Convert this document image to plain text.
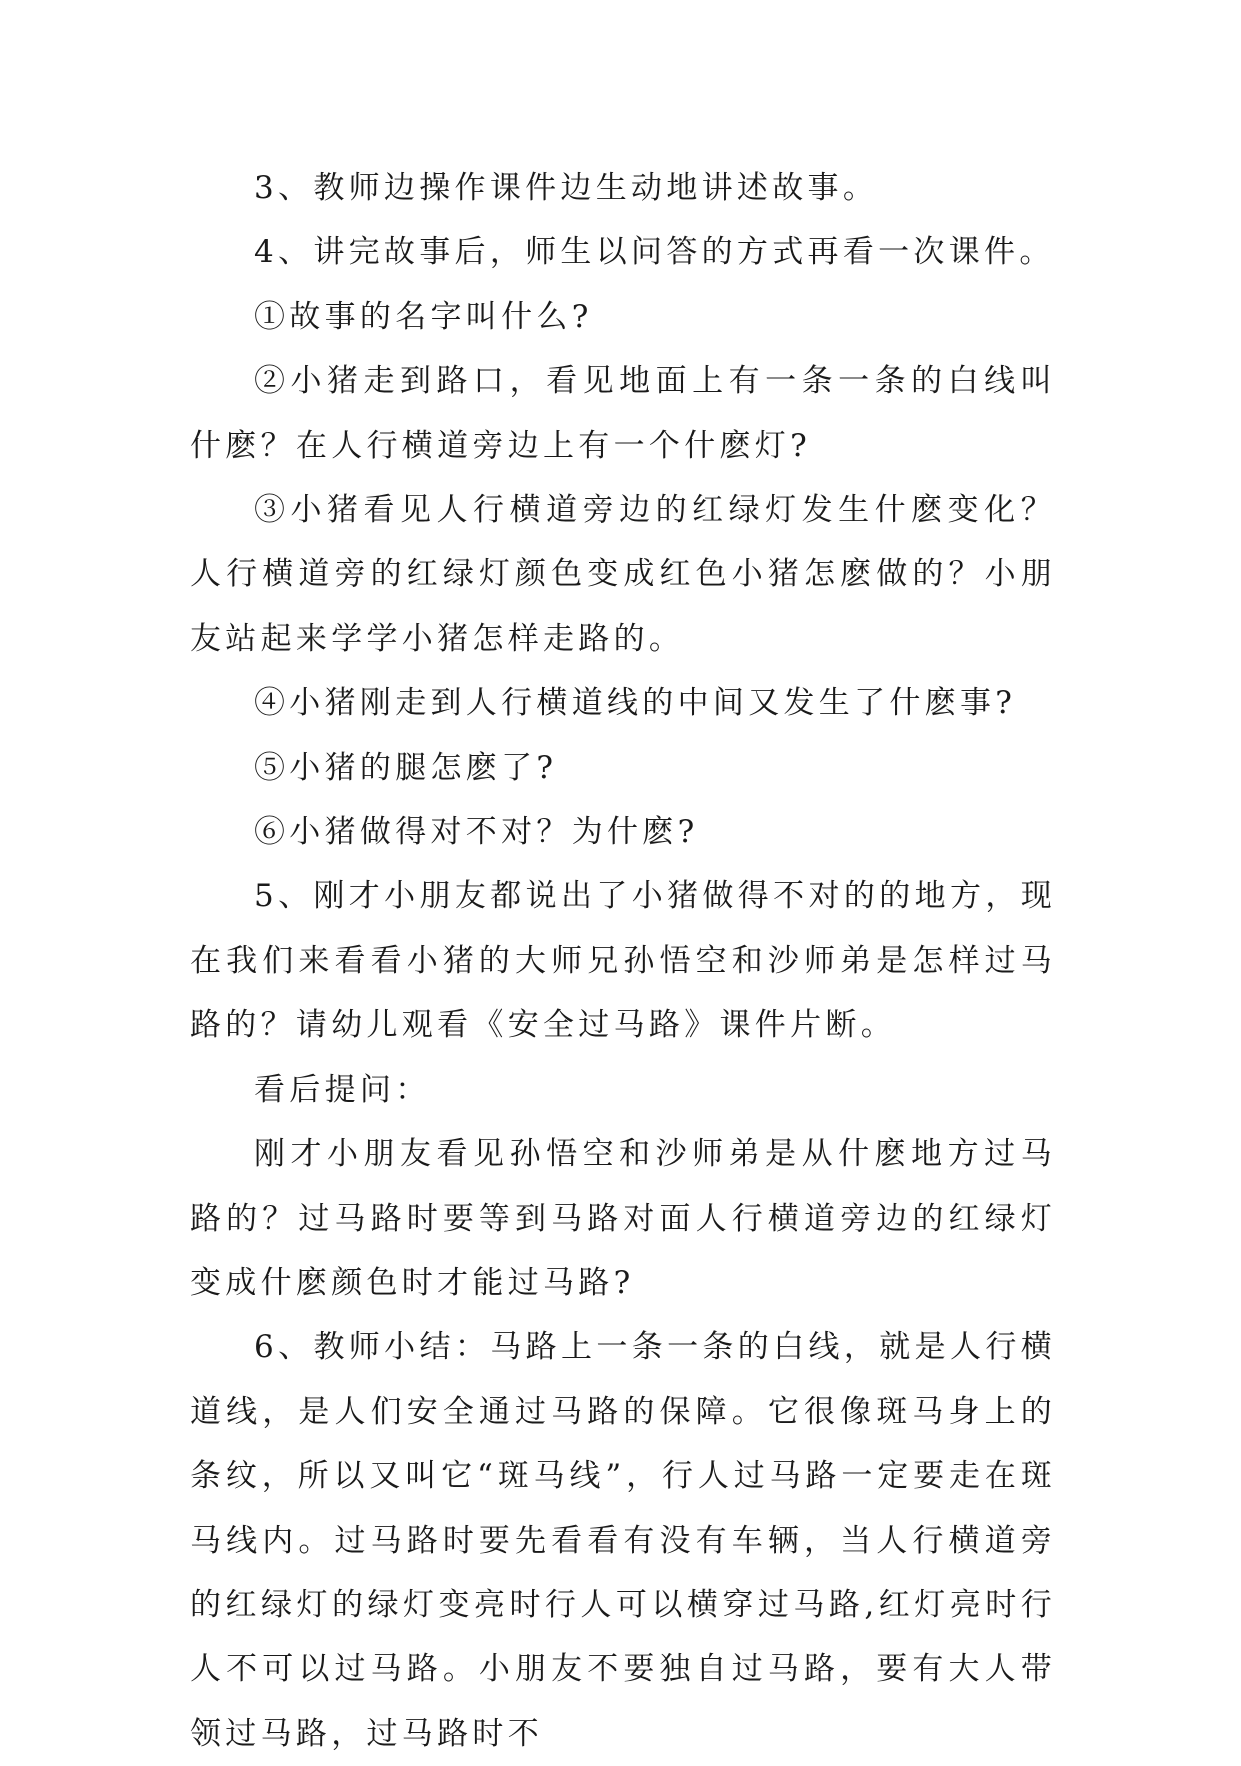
3、教师边操作课件边生动地讲述故事。

4、讲完故事后，师生以问答的方式再看一次课件。

①故事的名字叫什么?

②小猪走到路口，看见地面上有一条一条的白线叫什麽？在人行横道旁边上有一个什麽灯?

③小猪看见人行横道旁边的红绿灯发生什麽变化？人行横道旁的红绿灯颜色变成红色小猪怎麽做的？小朋友站起来学学小猪怎样走路的。

④小猪刚走到人行横道线的中间又发生了什麽事?

⑤小猪的腿怎麽了?

⑥小猪做得对不对？为什麽?

5、刚才小朋友都说出了小猪做得不对的的地方，现在我们来看看小猪的大师兄孙悟空和沙师弟是怎样过马路的？请幼儿观看《安全过马路》课件片断。

看后提问：

刚才小朋友看见孙悟空和沙师弟是从什麽地方过马路的？过马路时要等到马路对面人行横道旁边的红绿灯变成什麽颜色时才能过马路?

6、教师小结：马路上一条一条的白线，就是人行横道线，是人们安全通过马路的保障。它很像斑马身上的条纹，所以又叫它“斑马线”，行人过马路一定要走在斑马线内。过马路时要先看看有没有车辆，当人行横道旁的红绿灯的绿灯变亮时行人可以横穿过马路,红灯亮时行人不可以过马路。小朋友不要独自过马路，要有大人带领过马路，过马路时不
